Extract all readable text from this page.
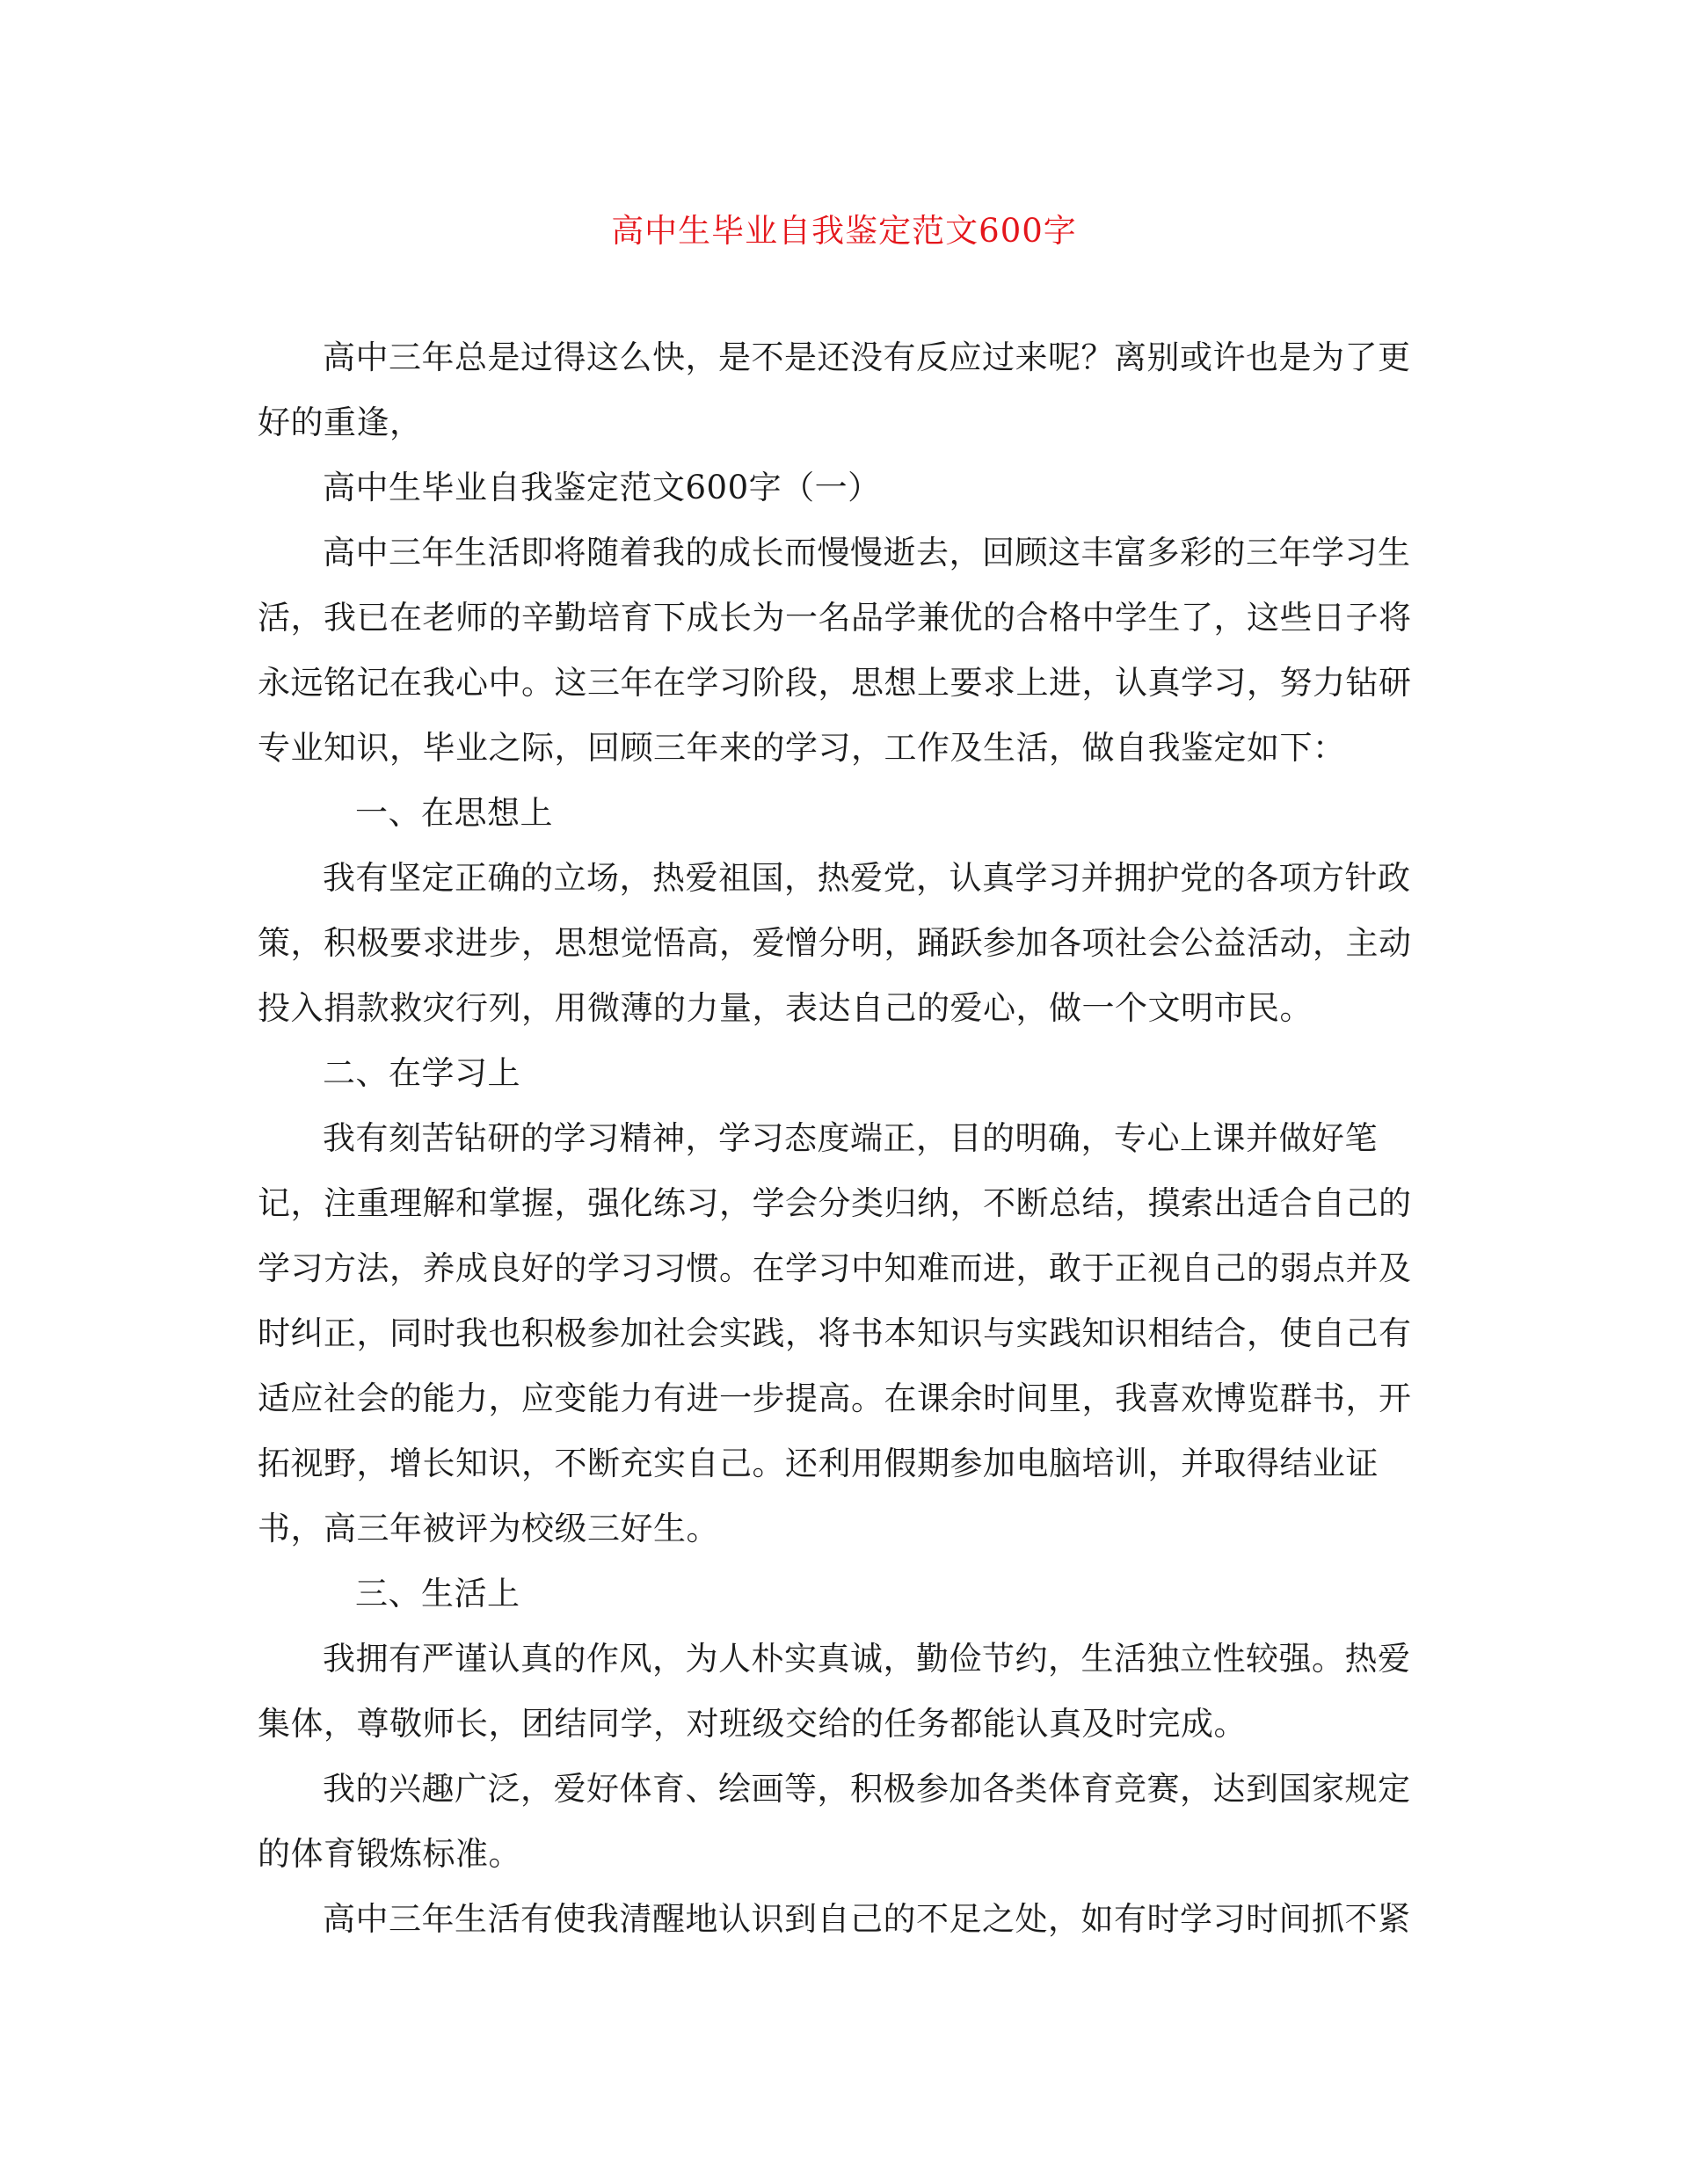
高中生毕业自我鉴定范文600字

高中三年总是过得这么快，是不是还没有反应过来呢？离别或许也是为了更好的重逢，

高中生毕业自我鉴定范文600字（一）

高中三年生活即将随着我的成长而慢慢逝去，回顾这丰富多彩的三年学习生活，我已在老师的辛勤培育下成长为一名品学兼优的合格中学生了，这些日子将永远铭记在我心中。这三年在学习阶段，思想上要求上进，认真学习，努力钻研专业知识，毕业之际，回顾三年来的学习，工作及生活，做自我鉴定如下：

一、在思想上

我有坚定正确的立场，热爱祖国，热爱党，认真学习并拥护党的各项方针政策，积极要求进步，思想觉悟高，爱憎分明，踊跃参加各项社会公益活动，主动投入捐款救灾行列，用微薄的力量，表达自己的爱心，做一个文明市民。

二、在学习上

我有刻苦钻研的学习精神，学习态度端正，目的明确，专心上课并做好笔记，注重理解和掌握，强化练习，学会分类归纳，不断总结，摸索出适合自己的学习方法，养成良好的学习习惯。在学习中知难而进，敢于正视自己的弱点并及时纠正，同时我也积极参加社会实践，将书本知识与实践知识相结合，使自己有适应社会的能力，应变能力有进一步提高。在课余时间里，我喜欢博览群书，开拓视野，增长知识，不断充实自己。还利用假期参加电脑培训，并取得结业证书，高三年被评为校级三好生。

三、生活上

我拥有严谨认真的作风，为人朴实真诚，勤俭节约，生活独立性较强。热爱集体，尊敬师长，团结同学，对班级交给的任务都能认真及时完成。

我的兴趣广泛，爱好体育、绘画等，积极参加各类体育竞赛，达到国家规定的体育锻炼标准。

高中三年生活有使我清醒地认识到自己的不足之处，如有时学习时间抓不紧
